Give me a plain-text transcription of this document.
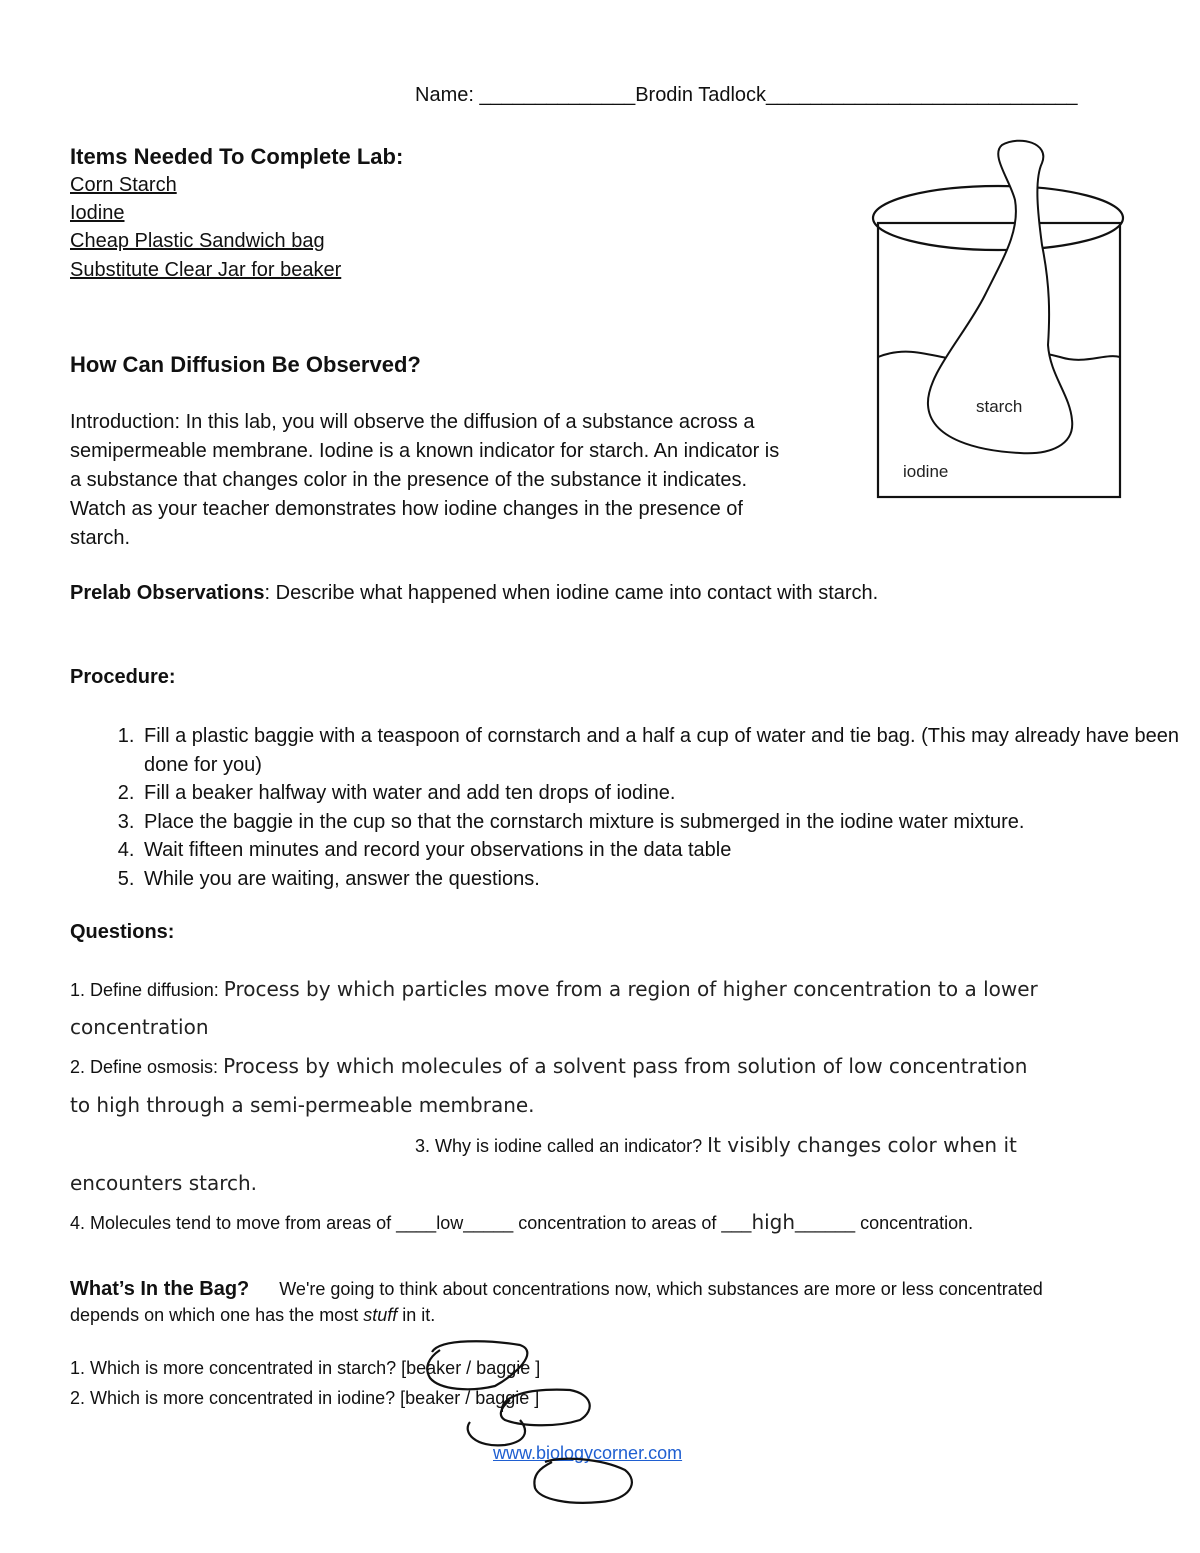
Name: ______________Brodin Tadlock____________________________
Items Needed To Complete Lab:
Corn Starch
Iodine
Cheap Plastic Sandwich bag
Substitute Clear Jar for beaker
starch
iodine
How Can Diffusion Be Observed?
Introduction: In this lab, you will observe the diffusion of a substance across a
semipermeable membrane. Iodine is a known indicator for starch. An indicator is
a substance that changes color in the presence of the substance it indicates.
Watch as your teacher demonstrates how iodine changes in the presence of
starch.
Prelab Observations: Describe what happened when iodine came into contact with starch.
Procedure:
1. Fill a plastic baggie with a teaspoon of cornstarch and a half a cup of water and tie bag. (This may already have been done for you)
2. Fill a beaker halfway with water and add ten drops of iodine.
3. Place the baggie in the cup so that the cornstarch mixture is submerged in the iodine water mixture.
4. Wait fifteen minutes and record your observations in the data table
5. While you are waiting, answer the questions.
Questions:
1. Define diffusion: Process by which particles move from a region of higher concentration to a lower
concentration
2. Define osmosis: Process by which molecules of a solvent pass from solution of low concentration
to high through a semi-permeable membrane.
3. Why is iodine called an indicator? It visibly changes color when it
encounters starch.
4. Molecules tend to move from areas of ____low_____ concentration to areas of ___high______ concentration.
What’s In the Bag? We're going to think about concentrations now, which substances are more or less concentrated
depends on which one has the most stuff in it.
1. Which is more concentrated in starch? [beaker / baggie ]
2. Which is more concentrated in iodine? [beaker / baggie ]
www.biologycorner.com
